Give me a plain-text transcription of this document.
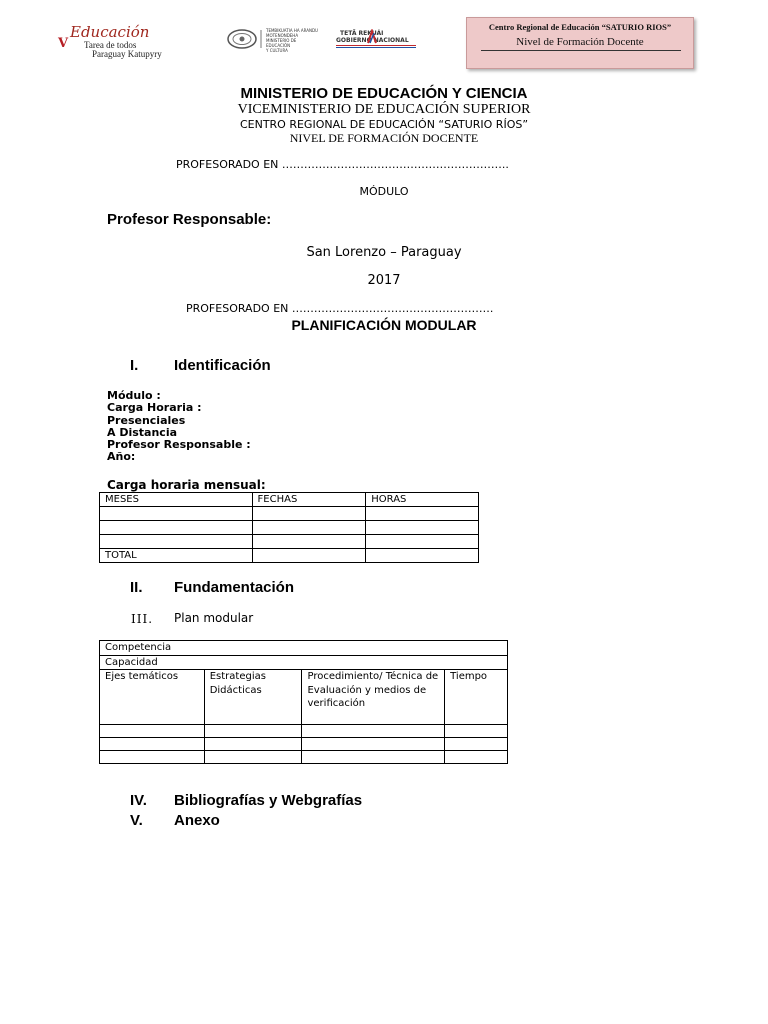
Educación
V Tarea de todos
Paraguay Katupyry
TEMBIKUATIA HA ARANDU
MOTENONDEHA
MINISTERIO DE
EDUCACIÓN
Y CULTURA
TETÃ REKUÁI
GOBIERNO NACIONAL
Centro Regional de Educación “SATURIO RIOS”
Nivel de Formación Docente
MINISTERIO DE EDUCACIÓN Y CIENCIA
VICEMINISTERIO DE EDUCACIÓN SUPERIOR
CENTRO REGIONAL DE EDUCACIÓN “SATURIO RÍOS”
NIVEL DE FORMACIÓN DOCENTE
PROFESORADO EN ……………………………………………………..
MÓDULO
Profesor Responsable:
San Lorenzo – Paraguay
2017
PROFESORADO EN ……………………………………………….
PLANIFICACIÓN MODULAR
I. Identificación
Módulo :
Carga Horaria :
Presenciales
A Distancia
Profesor Responsable :
Año:
Carga horaria mensual:
MESES	FECHAS	HORAS

TOTAL		
II. Fundamentación
III. Plan modular
Competencia			
Capacidad			
Ejes temáticos	Estrategias Didácticas	Procedimiento/ Técnica de Evaluación y medios de verificación	Tiempo

IV. Bibliografías y Webgrafías
V. Anexo
